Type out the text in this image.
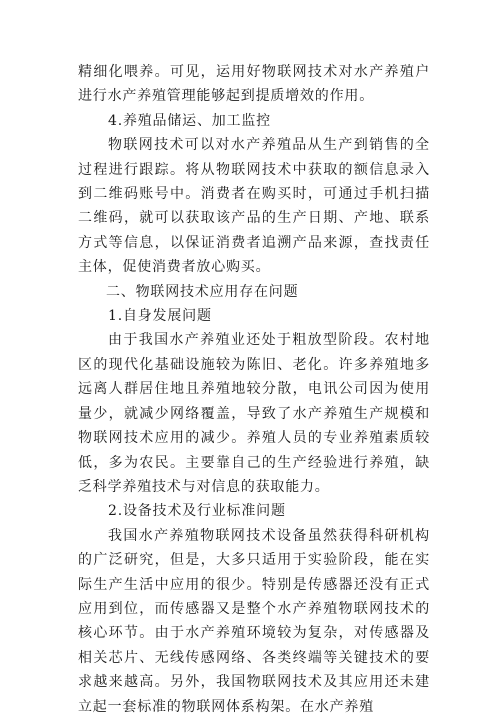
精细化喂养。可见，运用好物联网技术对水产养殖户进行水产养殖管理能够起到提质增效的作用。

4.养殖品储运、加工监控

物联网技术可以对水产养殖品从生产到销售的全过程进行跟踪。将从物联网技术中获取的额信息录入到二维码账号中。消费者在购买时，可通过手机扫描二维码，就可以获取该产品的生产日期、产地、联系方式等信息，以保证消费者追溯产品来源，查找责任主体，促使消费者放心购买。

二、物联网技术应用存在问题

1.自身发展问题

由于我国水产养殖业还处于粗放型阶段。农村地区的现代化基础设施较为陈旧、老化。许多养殖地多远离人群居住地且养殖地较分散，电讯公司因为使用量少，就减少网络覆盖，导致了水产养殖生产规模和物联网技术应用的减少。养殖人员的专业养殖素质较低，多为农民。主要靠自己的生产经验进行养殖，缺乏科学养殖技术与对信息的获取能力。

2.设备技术及行业标准问题

我国水产养殖物联网技术设备虽然获得科研机构的广泛研究，但是，大多只适用于实验阶段，能在实际生产生活中应用的很少。特别是传感器还没有正式应用到位，而传感器又是整个水产养殖物联网技术的核心环节。由于水产养殖环境较为复杂，对传感器及相关芯片、无线传感网络、各类终端等关键技术的要求越来越高。另外，我国物联网技术及其应用还未建立起一套标准的物联网体系构架。在水产养殖
